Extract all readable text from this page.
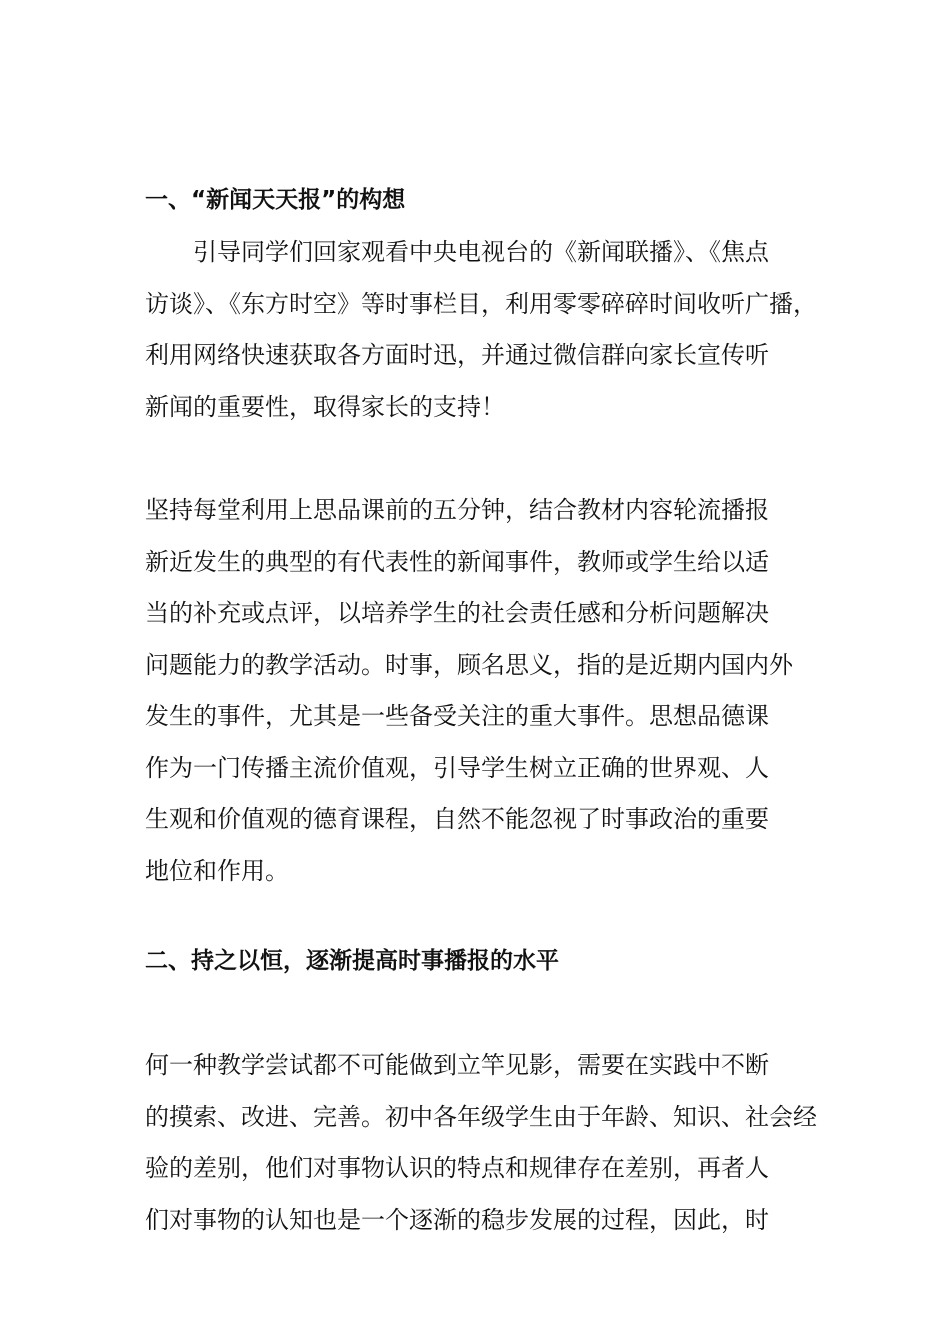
一、“新闻天天报”的构想
引导同学们回家观看中央电视台的《新闻联播》、《焦点
访谈》、《东方时空》等时事栏目，利用零零碎碎时间收听广播，
利用网络快速获取各方面时迅，并通过微信群向家长宣传听
新闻的重要性，取得家长的支持！
坚持每堂利用上思品课前的五分钟，结合教材内容轮流播报
新近发生的典型的有代表性的新闻事件，教师或学生给以适
当的补充或点评，以培养学生的社会责任感和分析问题解决
问题能力的教学活动。时事，顾名思义，指的是近期内国内外
发生的事件，尤其是一些备受关注的重大事件。思想品德课
作为一门传播主流价值观，引导学生树立正确的世界观、人
生观和价值观的德育课程，自然不能忽视了时事政治的重要
地位和作用。
二、持之以恒，逐渐提高时事播报的水平
何一种教学尝试都不可能做到立竿见影，需要在实践中不断
的摸索、改进、完善。初中各年级学生由于年龄、知识、社会经
验的差别，他们对事物认识的特点和规律存在差别，再者人
们对事物的认知也是一个逐渐的稳步发展的过程，因此，时
